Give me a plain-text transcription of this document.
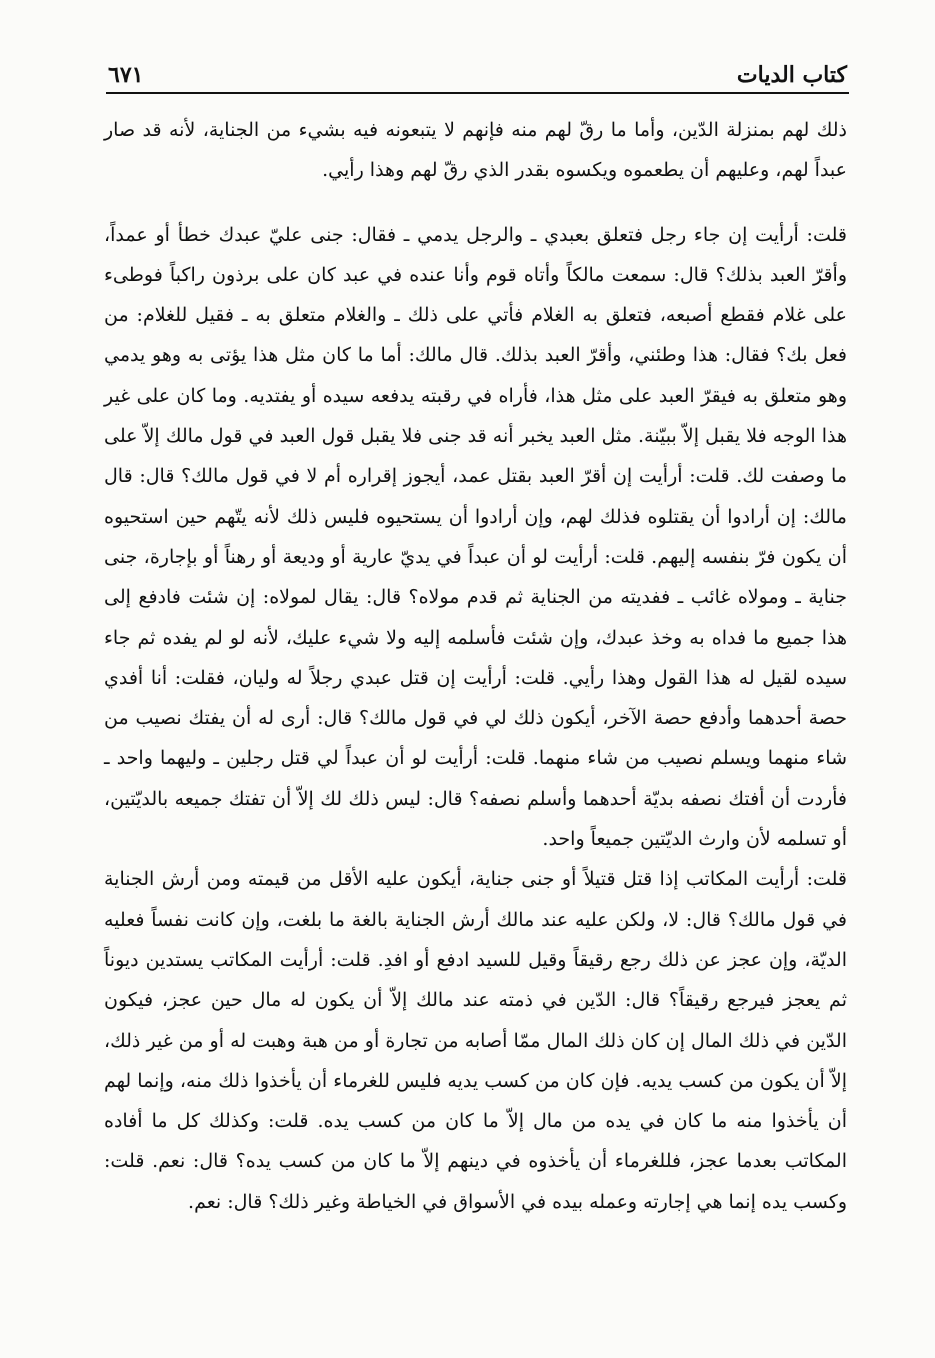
كتاب الديات
٦٧١

ذلك لهم بمنزلة الدّين، وأما ما رقّ لهم منه فإنهم لا يتبعونه فيه بشيء من الجناية، لأنه قد صار عبداً لهم، وعليهم أن يطعموه ويكسوه بقدر الذي رقّ لهم وهذا رأيي.

قلت: أرأيت إن جاء رجل فتعلق بعبدي ـ والرجل يدمي ـ فقال: جنى عليّ عبدك خطأ أو عمداً، وأقرّ العبد بذلك؟ قال: سمعت مالكاً وأتاه قوم وأنا عنده في عبد كان على برذون راكباً فوطىء على غلام فقطع أصبعه، فتعلق به الغلام فأتي على ذلك ـ والغلام متعلق به ـ فقيل للغلام: من فعل بك؟ فقال: هذا وطئني، وأقرّ العبد بذلك. قال مالك: أما ما كان مثل هذا يؤتى به وهو يدمي وهو متعلق به فيقرّ العبد على مثل هذا، فأراه في رقبته يدفعه سيده أو يفتديه. وما كان على غير هذا الوجه فلا يقبل إلاّ ببيّنة. مثل العبد يخبر أنه قد جنى فلا يقبل قول العبد في قول مالك إلاّ على ما وصفت لك. قلت: أرأيت إن أقرّ العبد بقتل عمد، أيجوز إقراره أم لا في قول مالك؟ قال: قال مالك: إن أرادوا أن يقتلوه فذلك لهم، وإن أرادوا أن يستحيوه فليس ذلك لأنه يتّهم حين استحيوه أن يكون فرّ بنفسه إليهم. قلت: أرأيت لو أن عبداً في يديّ عارية أو وديعة أو رهناً أو بإجارة، جنى جناية ـ ومولاه غائب ـ ففديته من الجناية ثم قدم مولاه؟ قال: يقال لمولاه: إن شئت فادفع إلى هذا جميع ما فداه به وخذ عبدك، وإن شئت فأسلمه إليه ولا شيء عليك، لأنه لو لم يفده ثم جاء سيده لقيل له هذا القول وهذا رأيي. قلت: أرأيت إن قتل عبدي رجلاً له وليان، فقلت: أنا أفدي حصة أحدهما وأدفع حصة الآخر، أيكون ذلك لي في قول مالك؟ قال: أرى له أن يفتك نصيب من شاء منهما ويسلم نصيب من شاء منهما. قلت: أرأيت لو أن عبداً لي قتل رجلين ـ وليهما واحد ـ فأردت أن أفتك نصفه بديّة أحدهما وأسلم نصفه؟ قال: ليس ذلك لك إلاّ أن تفتك جميعه بالديّتين، أو تسلمه لأن وارث الديّتين جميعاً واحد.

قلت: أرأيت المكاتب إذا قتل قتيلاً أو جنى جناية، أيكون عليه الأقل من قيمته ومن أرش الجناية في قول مالك؟ قال: لا، ولكن عليه عند مالك أرش الجناية بالغة ما بلغت، وإن كانت نفساً فعليه الديّة، وإن عجز عن ذلك رجع رقيقاً وقيل للسيد ادفع أو افدِ. قلت: أرأيت المكاتب يستدين ديوناً ثم يعجز فيرجع رقيقاً؟ قال: الدّين في ذمته عند مالك إلاّ أن يكون له مال حين عجز، فيكون الدّين في ذلك المال إن كان ذلك المال ممّا أصابه من تجارة أو من هبة وهبت له أو من غير ذلك، إلاّ أن يكون من كسب يديه. فإن كان من كسب يديه فليس للغرماء أن يأخذوا ذلك منه، وإنما لهم أن يأخذوا منه ما كان في يده من مال إلاّ ما كان من كسب يده. قلت: وكذلك كل ما أفاده المكاتب بعدما عجز، فللغرماء أن يأخذوه في دينهم إلاّ ما كان من كسب يده؟ قال: نعم. قلت: وكسب يده إنما هي إجارته وعمله بيده في الأسواق في الخياطة وغير ذلك؟ قال: نعم.
